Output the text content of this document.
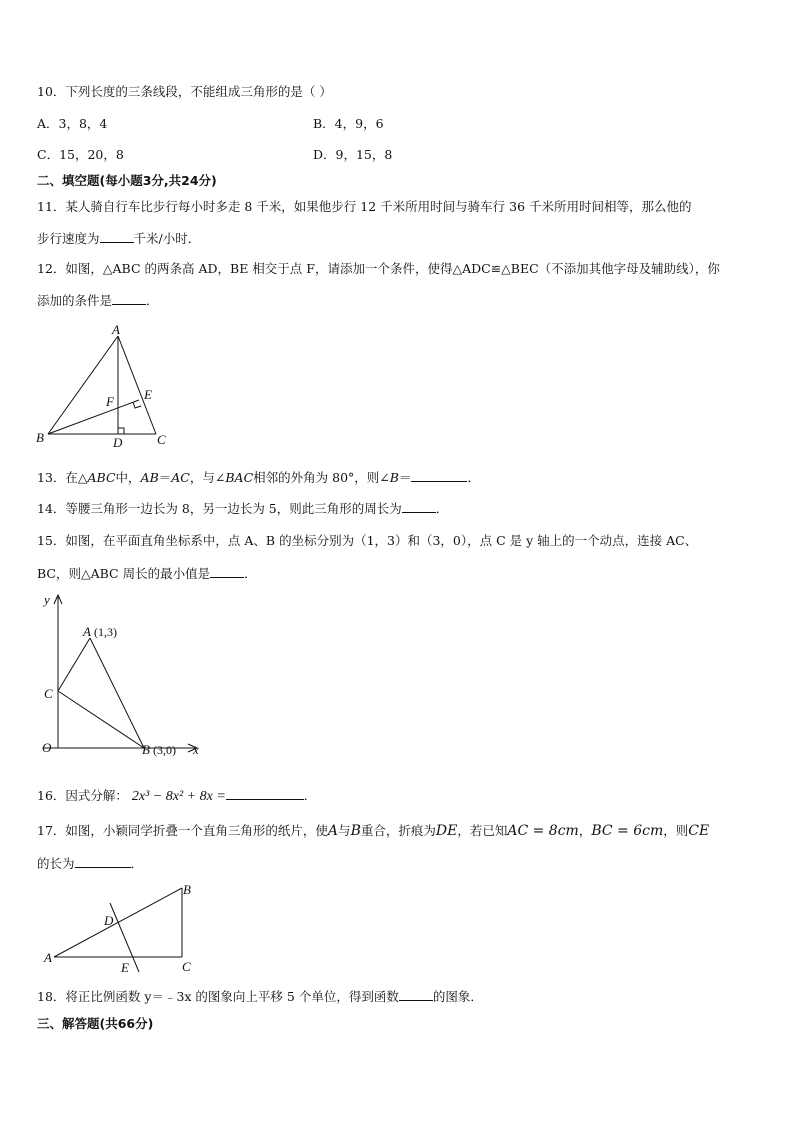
10．下列长度的三条线段，不能组成三角形的是（ ）
A．3，8，4	B．4，9，6
C．15，20，8	D．9，15，8
二、填空题(每小题3分,共24分)
11．某人骑自行车比步行每小时多走 8 千米，如果他步行 12 千米所用时间与骑车行 36 千米所用时间相等，那么他的
步行速度为	千米/小时．
12．如图，△ABC 的两条高 AD，BE 相交于点 F，请添加一个条件，使得△ADC≌△BEC（不添加其他字母及辅助线），你
添加的条件是	．
A
B	C
D
E
F
13．在△ABC中，AB＝AC，与∠BAC相邻的外角为 80°，则∠B＝	．
14．等腰三角形一边长为 8，另一边长为 5，则此三角形的周长为	．
15．如图，在平面直角坐标系中，点 A、B 的坐标分别为（1，3）和（3，0），点 C 是 y 轴上的一个动点，连接 AC、
BC，则△ABC 周长的最小值是	．
y
x
O
A (1,3)
B (3,0)
C
16．因式分解： 2x³ − 8x² + 8x =	．
17．如图，小颖同学折叠一个直角三角形的纸片，使A与B重合，折痕为DE，若已知AC = 8cm，BC = 6cm，则CE
的长为	．
A
B
C
D
E
18．将正比例函数 y＝﹣3x 的图象向上平移 5 个单位，得到函数	的图象．
三、解答题(共66分)
